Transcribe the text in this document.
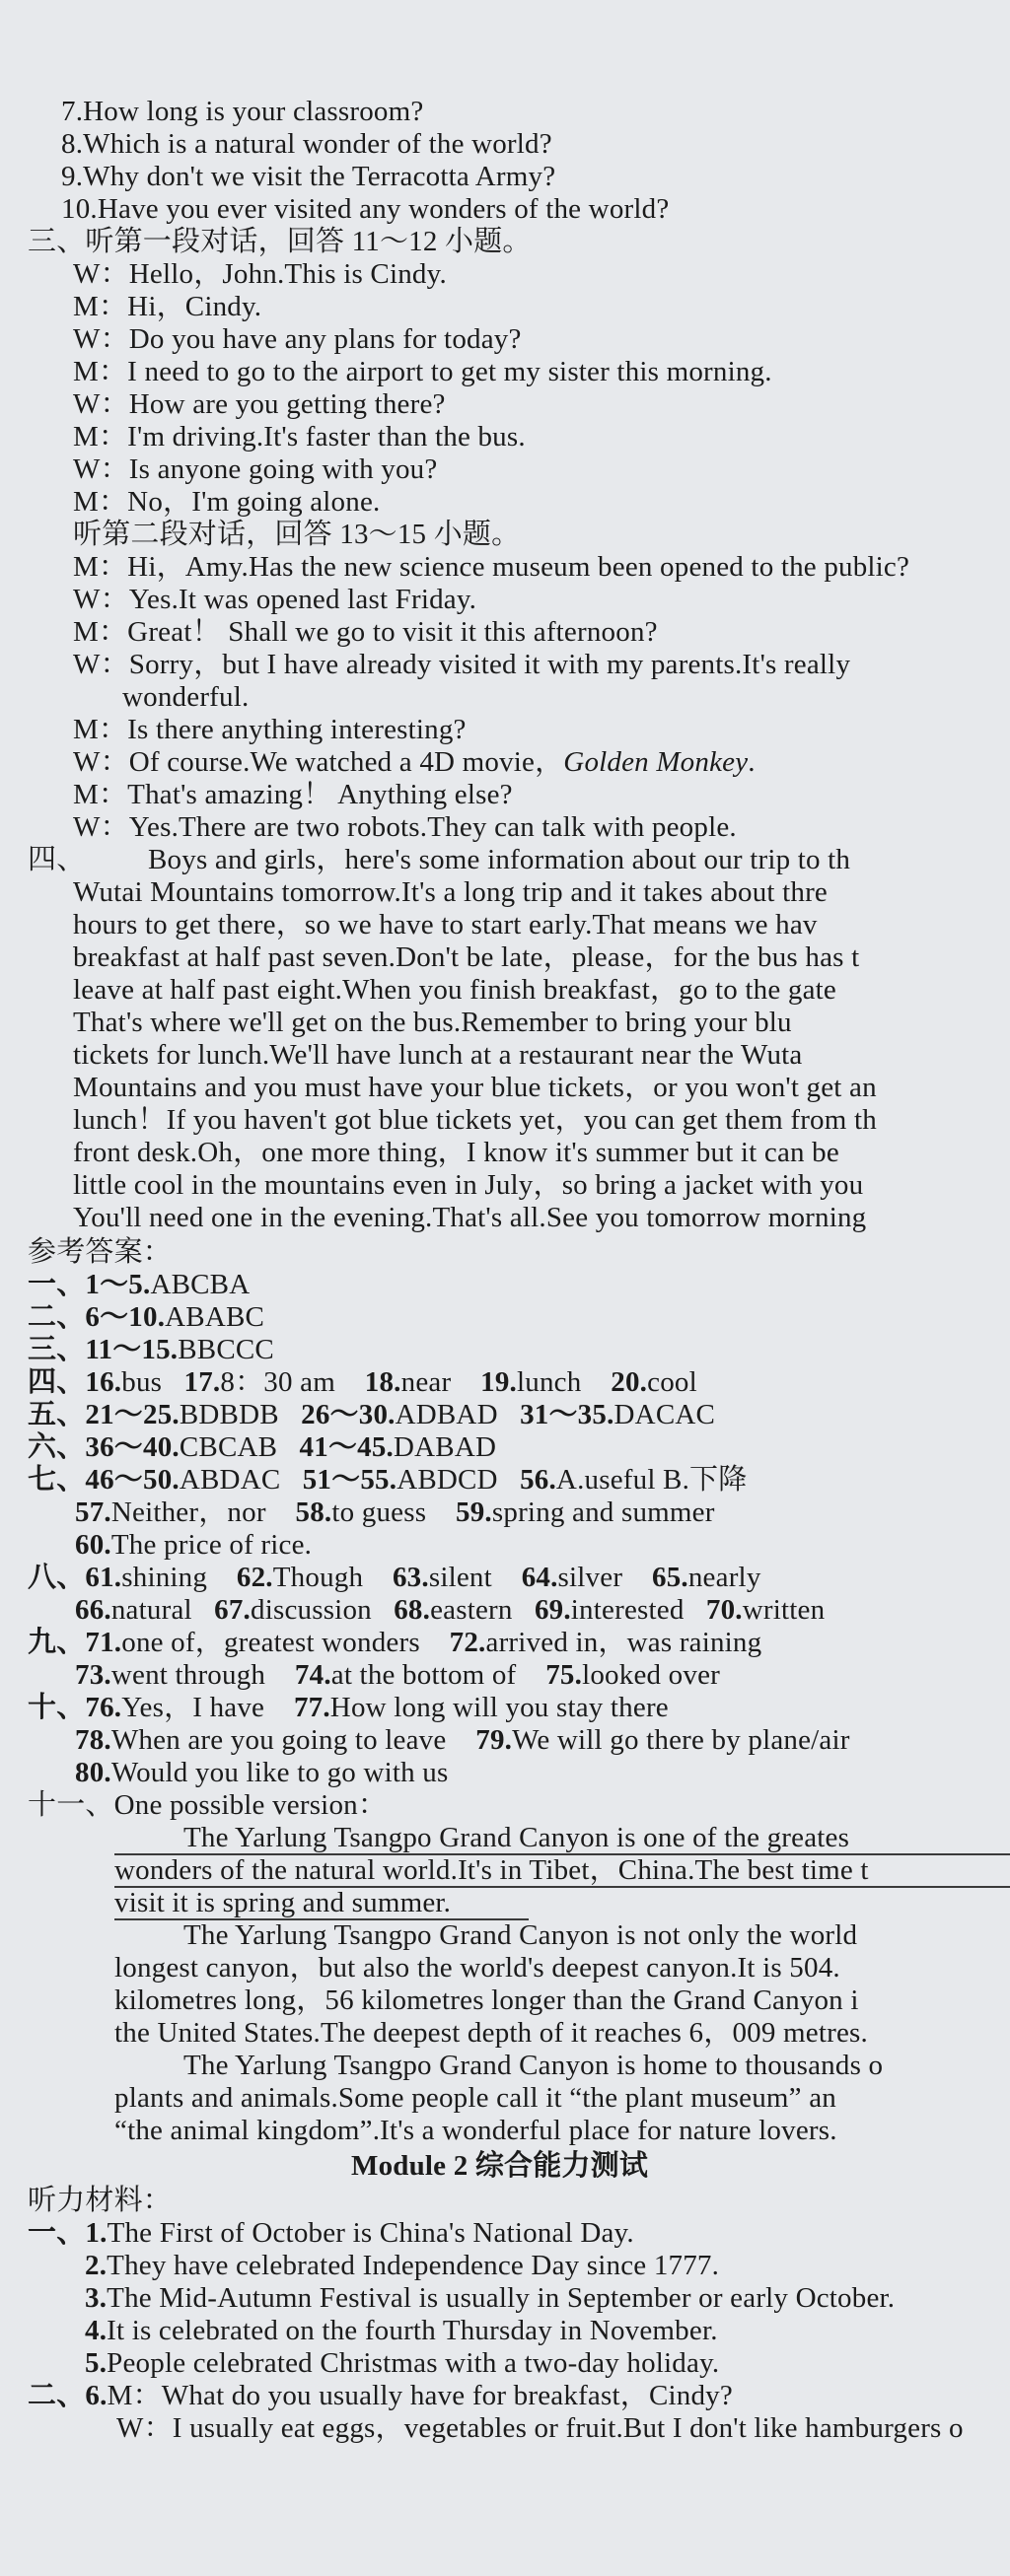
7.How long is your classroom?
8.Which is a natural wonder of the world?
9.Why don't we visit the Terracotta Army?
10.Have you ever visited any wonders of the world?
三、听第一段对话，回答 11～12 小题。
W：Hello，John.This is Cindy.
M：Hi，Cindy.
W：Do you have any plans for today?
M：I need to go to the airport to get my sister this morning.
W：How are you getting there?
M：I'm driving.It's faster than the bus.
W：Is anyone going with you?
M：No，I'm going alone.
听第二段对话，回答 13～15 小题。
M：Hi，Amy.Has the new science museum been opened to the public?
W：Yes.It was opened last Friday.
M：Great！ Shall we go to visit it this afternoon?
W：Sorry，but I have already visited it with my parents.It's really
wonderful.
M：Is there anything interesting?
W：Of course.We watched a 4D movie，Golden Monkey.
M：That's amazing！ Anything else?
W：Yes.There are two robots.They can talk with people.
四、 Boys and girls，here's some information about our trip to th
Wutai Mountains tomorrow.It's a long trip and it takes about thre
hours to get there，so we have to start early.That means we hav
breakfast at half past seven.Don't be late，please，for the bus has t
leave at half past eight.When you finish breakfast，go to the gate
That's where we'll get on the bus.Remember to bring your blu
tickets for lunch.We'll have lunch at a restaurant near the Wuta
Mountains and you must have your blue tickets，or you won't get an
lunch！If you haven't got blue tickets yet，you can get them from th
front desk.Oh，one more thing，I know it's summer but it can be
little cool in the mountains even in July，so bring a jacket with you
You'll need one in the evening.That's all.See you tomorrow morning
参考答案：
一、1～5.ABCBA
二、6～10.ABABC
三、11～15.BBCCC
四、16.bus 17.8：30 am 18.near 19.lunch 20.cool
五、21～25.BDBDB 26～30.ADBAD 31～35.DACAC
六、36～40.CBCAB 41～45.DABAD
七、46～50.ABDAC 51～55.ABDCD 56.A.useful B.下降
57.Neither，nor 58.to guess 59.spring and summer
60.The price of rice.
八、61.shining 62.Though 63.silent 64.silver 65.nearly
66.natural 67.discussion 68.eastern 69.interested 70.written
九、71.one of，greatest wonders 72.arrived in，was raining
73.went through 74.at the bottom of 75.looked over
十、76.Yes，I have 77.How long will you stay there
78.When are you going to leave 79.We will go there by plane/air
80.Would you like to go with us
十一、One possible version：
The Yarlung Tsangpo Grand Canyon is one of the greates
wonders of the natural world.It's in Tibet，China.The best time t
visit it is spring and summer.
The Yarlung Tsangpo Grand Canyon is not only the world
longest canyon，but also the world's deepest canyon.It is 504.
kilometres long，56 kilometres longer than the Grand Canyon i
the United States.The deepest depth of it reaches 6，009 metres.
The Yarlung Tsangpo Grand Canyon is home to thousands o
plants and animals.Some people call it “the plant museum” an
“the animal kingdom”.It's a wonderful place for nature lovers.
Module 2 综合能力测试
听力材料：
一、1.The First of October is China's National Day.
2.They have celebrated Independence Day since 1777.
3.The Mid-Autumn Festival is usually in September or early October.
4.It is celebrated on the fourth Thursday in November.
5.People celebrated Christmas with a two-day holiday.
二、6.M：What do you usually have for breakfast，Cindy?
W：I usually eat eggs，vegetables or fruit.But I don't like hamburgers o
